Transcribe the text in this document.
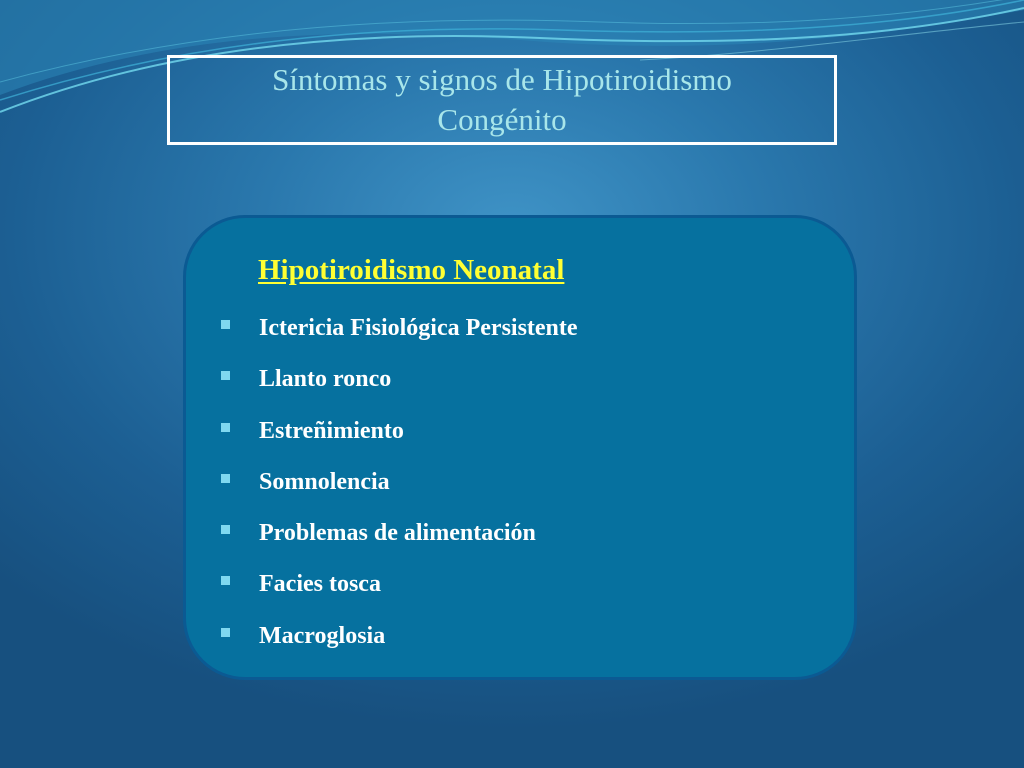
Síntomas y signos de Hipotiroidismo
Congénito
Hipotiroidismo Neonatal
Ictericia Fisiológica Persistente
Llanto ronco
Estreñimiento
Somnolencia
Problemas de alimentación
Facies tosca
Macroglosia
